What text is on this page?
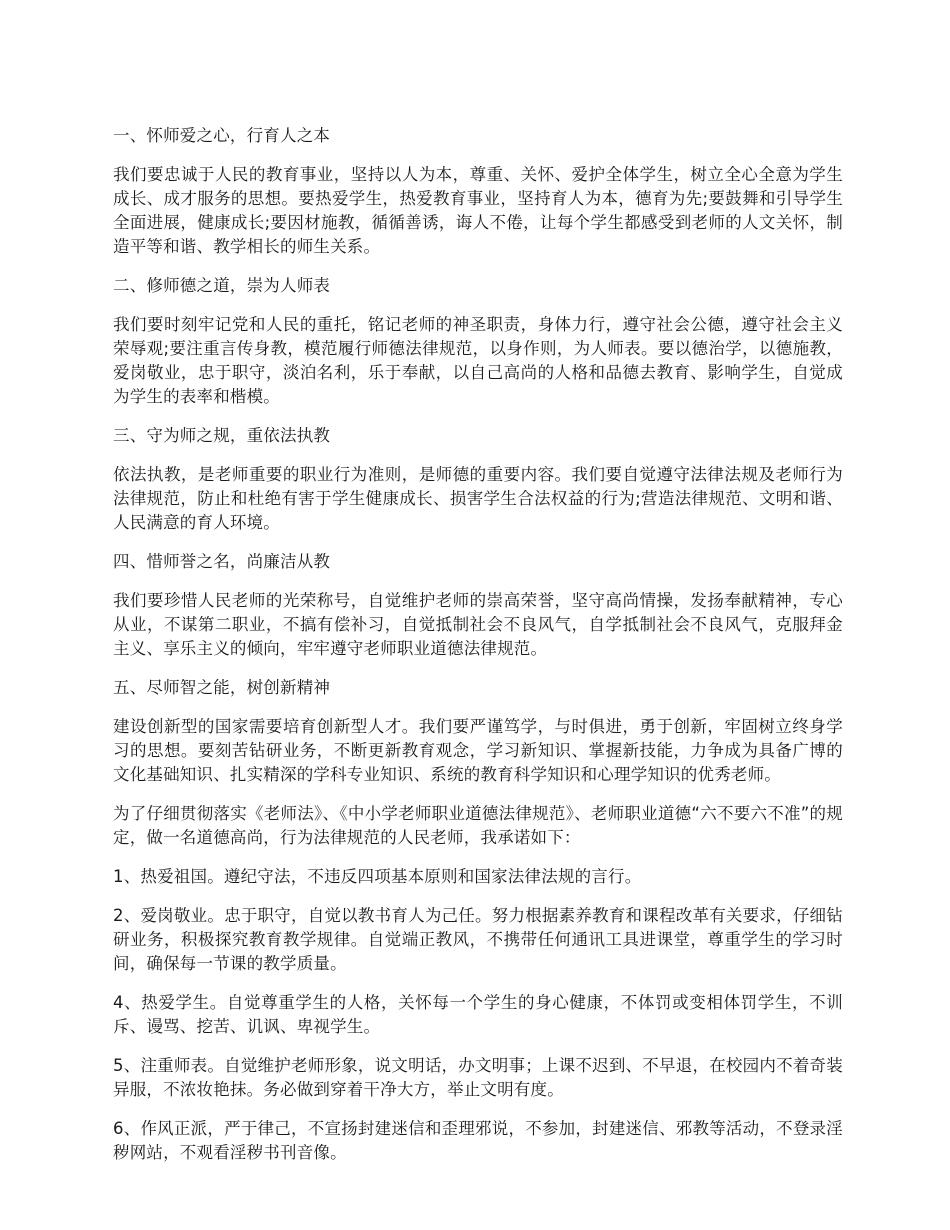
一、怀师爱之心，行育人之本

我们要忠诚于人民的教育事业，坚持以人为本，尊重、关怀、爱护全体学生，树立全心全意为学生成长、成才服务的思想。要热爱学生，热爱教育事业，坚持育人为本，德育为先;要鼓舞和引导学生全面进展，健康成长;要因材施教，循循善诱，诲人不倦，让每个学生都感受到老师的人文关怀，制造平等和谐、教学相长的师生关系。

二、修师德之道，崇为人师表

我们要时刻牢记党和人民的重托，铭记老师的神圣职责，身体力行，遵守社会公德，遵守社会主义荣辱观;要注重言传身教，模范履行师德法律规范，以身作则，为人师表。要以德治学，以德施教，爱岗敬业，忠于职守，淡泊名利，乐于奉献，以自己高尚的人格和品德去教育、影响学生，自觉成为学生的表率和楷模。

三、守为师之规，重依法执教

依法执教，是老师重要的职业行为准则，是师德的重要内容。我们要自觉遵守法律法规及老师行为法律规范，防止和杜绝有害于学生健康成长、损害学生合法权益的行为;营造法律规范、文明和谐、人民满意的育人环境。

四、惜师誉之名，尚廉洁从教

我们要珍惜人民老师的光荣称号，自觉维护老师的崇高荣誉，坚守高尚情操，发扬奉献精神，专心从业，不谋第二职业，不搞有偿补习，自觉抵制社会不良风气，自学抵制社会不良风气，克服拜金主义、享乐主义的倾向，牢牢遵守老师职业道德法律规范。

五、尽师智之能，树创新精神

建设创新型的国家需要培育创新型人才。我们要严谨笃学，与时俱进，勇于创新，牢固树立终身学习的思想。要刻苦钻研业务，不断更新教育观念，学习新知识、掌握新技能，力争成为具备广博的文化基础知识、扎实精深的学科专业知识、系统的教育科学知识和心理学知识的优秀老师。

为了仔细贯彻落实《老师法》、《中小学老师职业道德法律规范》、老师职业道德“六不要六不准”的规定，做一名道德高尚，行为法律规范的人民老师，我承诺如下：

1、热爱祖国。遵纪守法，不违反四项基本原则和国家法律法规的言行。

2、爱岗敬业。忠于职守，自觉以教书育人为己任。努力根据素养教育和课程改革有关要求，仔细钻研业务，积极探究教育教学规律。自觉端正教风，不携带任何通讯工具进课堂，尊重学生的学习时间，确保每一节课的教学质量。

4、热爱学生。自觉尊重学生的人格，关怀每一个学生的身心健康，不体罚或变相体罚学生，不训斥、谩骂、挖苦、讥讽、卑视学生。

5、注重师表。自觉维护老师形象，说文明话，办文明事；上课不迟到、不早退，在校园内不着奇装异服，不浓妆艳抹。务必做到穿着干净大方，举止文明有度。

6、作风正派，严于律己，不宣扬封建迷信和歪理邪说，不参加，封建迷信、邪教等活动，不登录淫秽网站，不观看淫秽书刊音像。
